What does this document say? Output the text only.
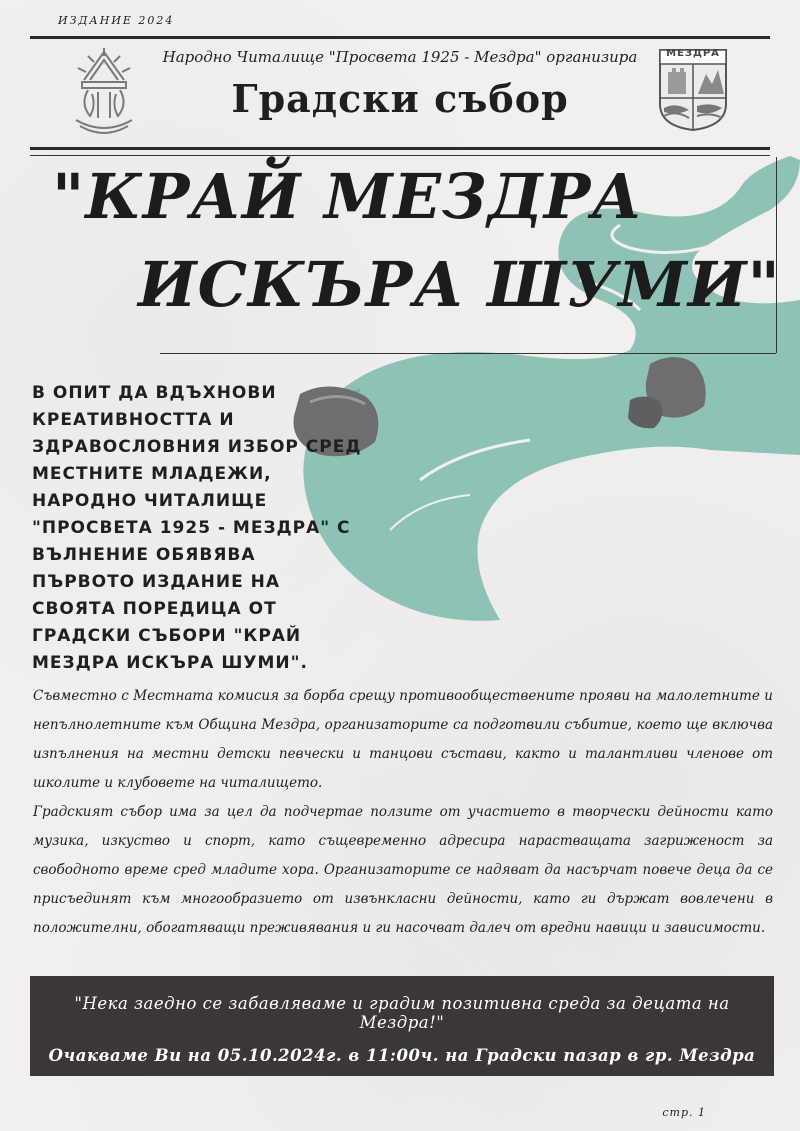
ИЗДАНИЕ 2024
Народно Читалище "Просвета 1925 - Мездра" организира
Градски събор
МЕЗДРА
"КРАЙ МЕЗДРА
ИСКЪРА ШУМИ"
В ОПИТ ДА ВДЪХНОВИ КРЕАТИВНОСТТА И ЗДРАВОСЛОВНИЯ ИЗБОР СРЕД МЕСТНИТЕ МЛАДЕЖИ, НАРОДНО ЧИТАЛИЩЕ "ПРОСВЕТА 1925 - МЕЗДРА" С ВЪЛНЕНИЕ ОБЯВЯВА ПЪРВОТО ИЗДАНИЕ НА СВОЯТА ПОРЕДИЦА ОТ ГРАДСКИ СЪБОРИ "КРАЙ МЕЗДРА ИСКЪРА ШУМИ".
Съвместно с Местната комисия за борба срещу противообществените прояви на малолетните и непълнолетните към Община Мездра, организаторите са подготвили събитие, което ще включва изпълнения на местни детски певчески и танцови състави, както и талантливи членове от школите и клубовете на читалището.
Градският събор има за цел да подчертае ползите от участието в творчески дейности като музика, изкуство и спорт, като същевременно адресира нарастващата загриженост за свободното време сред младите хора. Организаторите се надяват да насърчат повече деца да се присъединят към многообразието от извънкласни дейности, като ги държат вовлечени в положителни, обогатяващи преживявания и ги насочват далеч от вредни навици и зависимости.
"Нека заедно се забавляваме и градим позитивна среда за децата на Мездра!"
Очакваме Ви на 05.10.2024г. в 11:00ч. на Градски пазар в гр. Мездра
стр. 1
